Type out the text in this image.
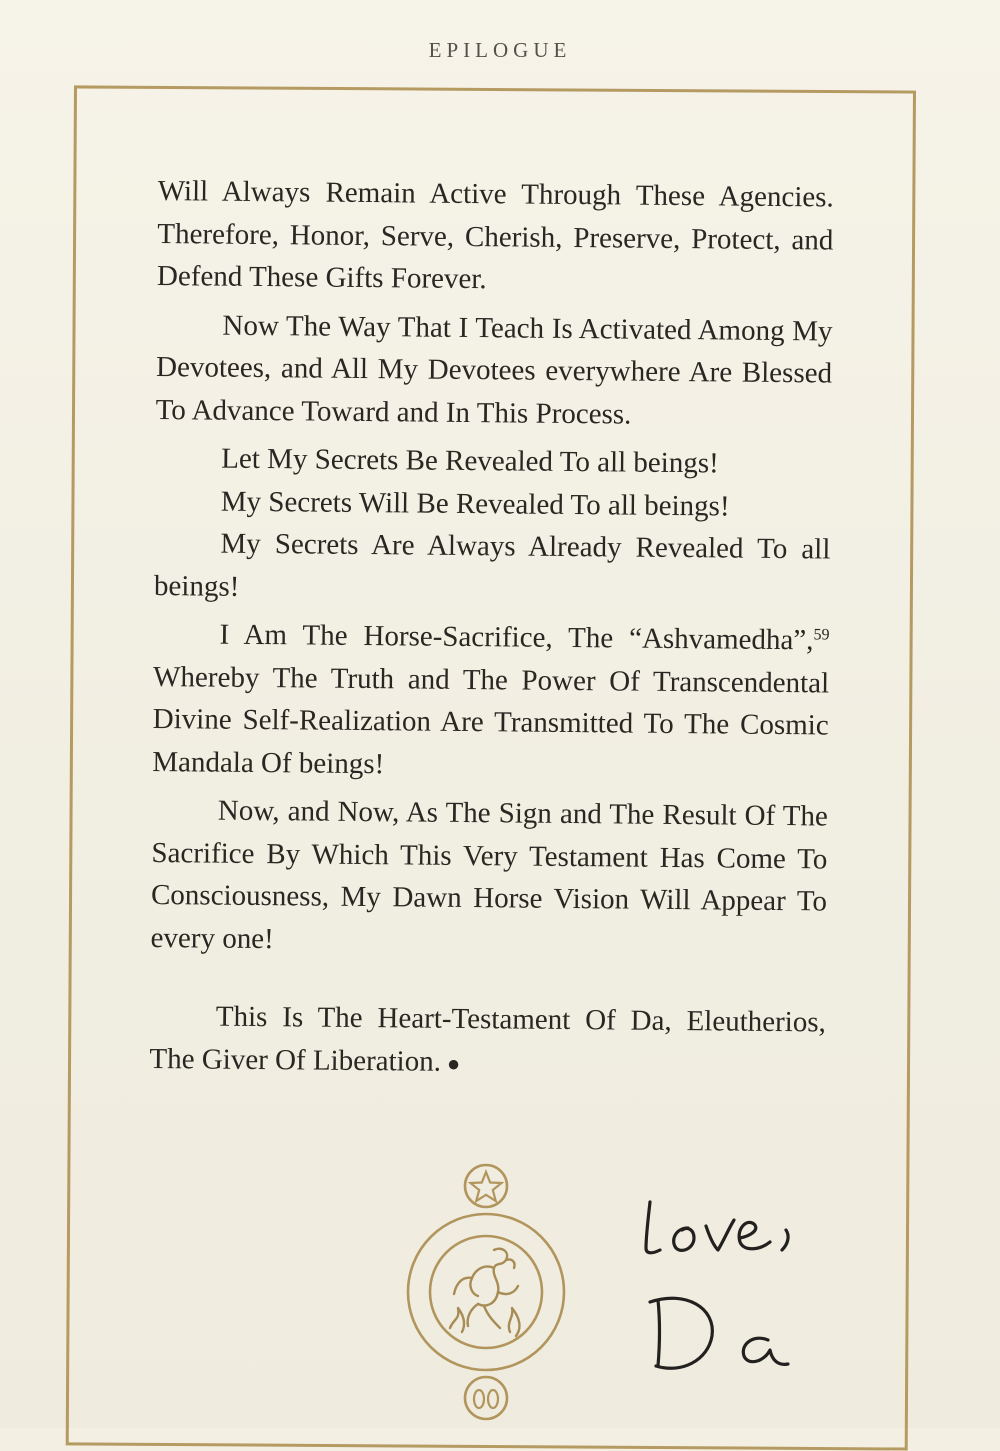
EPILOGUE

Will Always Remain Active Through These Agencies. Therefore, Honor, Serve, Cherish, Preserve, Protect, and Defend These Gifts Forever.

Now The Way That I Teach Is Activated Among My Devotees, and All My Devotees everywhere Are Blessed To Advance Toward and In This Process.

Let My Secrets Be Revealed To all beings!

My Secrets Will Be Revealed To all beings!

My Secrets Are Always Already Revealed To all beings!

I Am The Horse-Sacrifice, The “Ashvamedha”,$^{59}$ Whereby The Truth and The Power Of Transcendental Divine Self-Realization Are Transmitted To The Cosmic Mandala Of beings!

Now, and Now, As The Sign and The Result Of The Sacrifice By Which This Very Testament Has Come To Consciousness, My Dawn Horse Vision Will Appear To every one!

This Is The Heart-Testament Of Da, Eleutherios, The Giver Of Liberation. ●
